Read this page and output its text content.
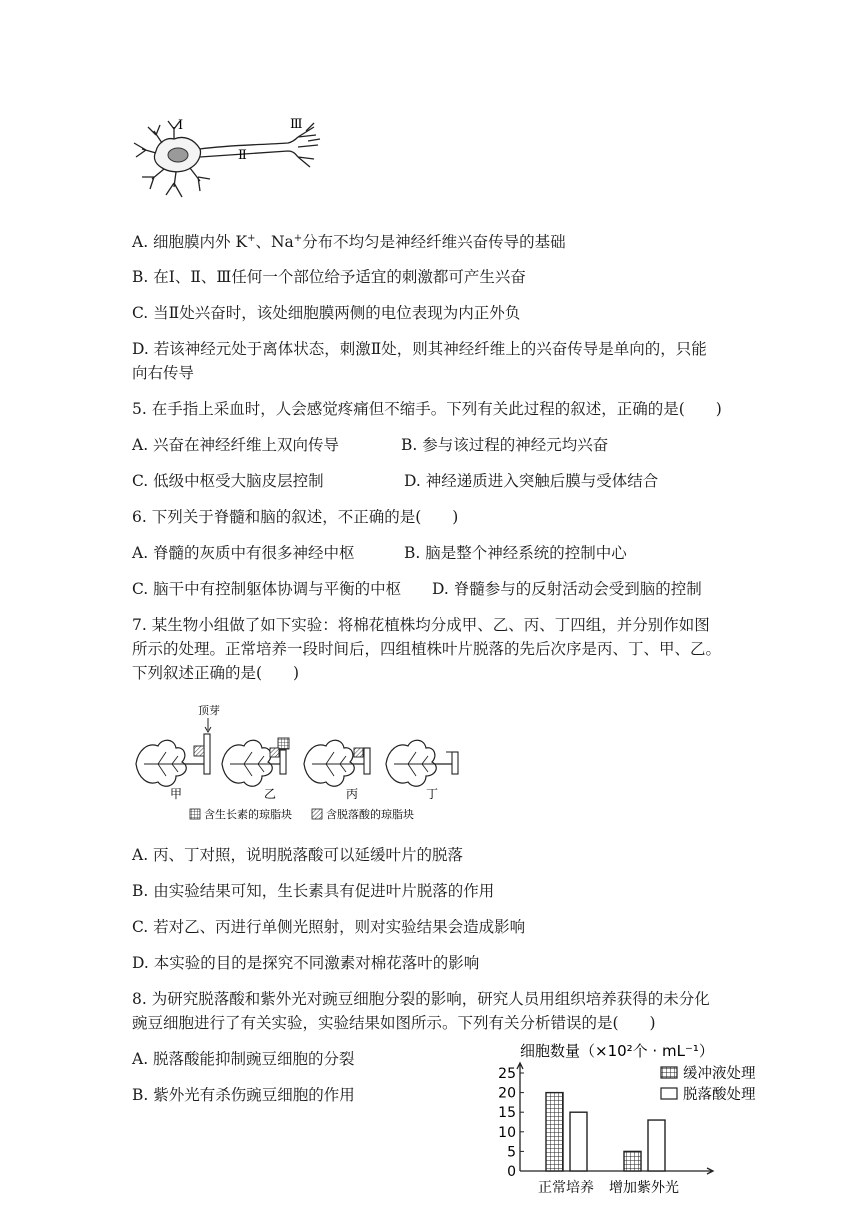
Ⅰ
Ⅱ
Ⅲ
A. 细胞膜内外 K+、Na+分布不均匀是神经纤维兴奋传导的基础
B. 在Ⅰ、Ⅱ、Ⅲ任何一个部位给予适宜的刺激都可产生兴奋
C. 当Ⅱ处兴奋时，该处细胞膜两侧的电位表现为内正外负
D. 若该神经元处于离体状态，刺激Ⅱ处，则其神经纤维上的兴奋传导是单向的，只能
向右传导
5. 在手指上采血时，人会感觉疼痛但不缩手。下列有关此过程的叙述，正确的是(　　)
A. 兴奋在神经纤维上双向传导	B. 参与该过程的神经元均兴奋
C. 低级中枢受大脑皮层控制	D. 神经递质进入突触后膜与受体结合
6. 下列关于脊髓和脑的叙述，不正确的是(　　)
A. 脊髓的灰质中有很多神经中枢	B. 脑是整个神经系统的控制中心
C. 脑干中有控制躯体协调与平衡的中枢 D. 脊髓参与的反射活动会受到脑的控制
7. 某生物小组做了如下实验：将棉花植株均分成甲、乙、丙、丁四组，并分别作如图
所示的处理。正常培养一段时间后，四组植株叶片脱落的先后次序是丙、丁、甲、乙。
下列叙述正确的是(　　)
顶芽
甲	乙	丙	丁
含生长素的琼脂块	含脱落酸的琼脂块
A. 丙、丁对照，说明脱落酸可以延缓叶片的脱落
B. 由实验结果可知，生长素具有促进叶片脱落的作用
C. 若对乙、丙进行单侧光照射，则对实验结果会造成影响
D. 本实验的目的是探究不同激素对棉花落叶的影响
8. 为研究脱落酸和紫外光对豌豆细胞分裂的影响，研究人员用组织培养获得的未分化
豌豆细胞进行了有关实验，实验结果如图所示。下列有关分析错误的是(　　)
A. 脱落酸能抑制豌豆细胞的分裂
B. 紫外光有杀伤豌豆细胞的作用
细胞数量（×10²个 · mL⁻¹）
0
5
10
15
20
25
正常培养 增加紫外光
缓冲液处理
脱落酸处理
